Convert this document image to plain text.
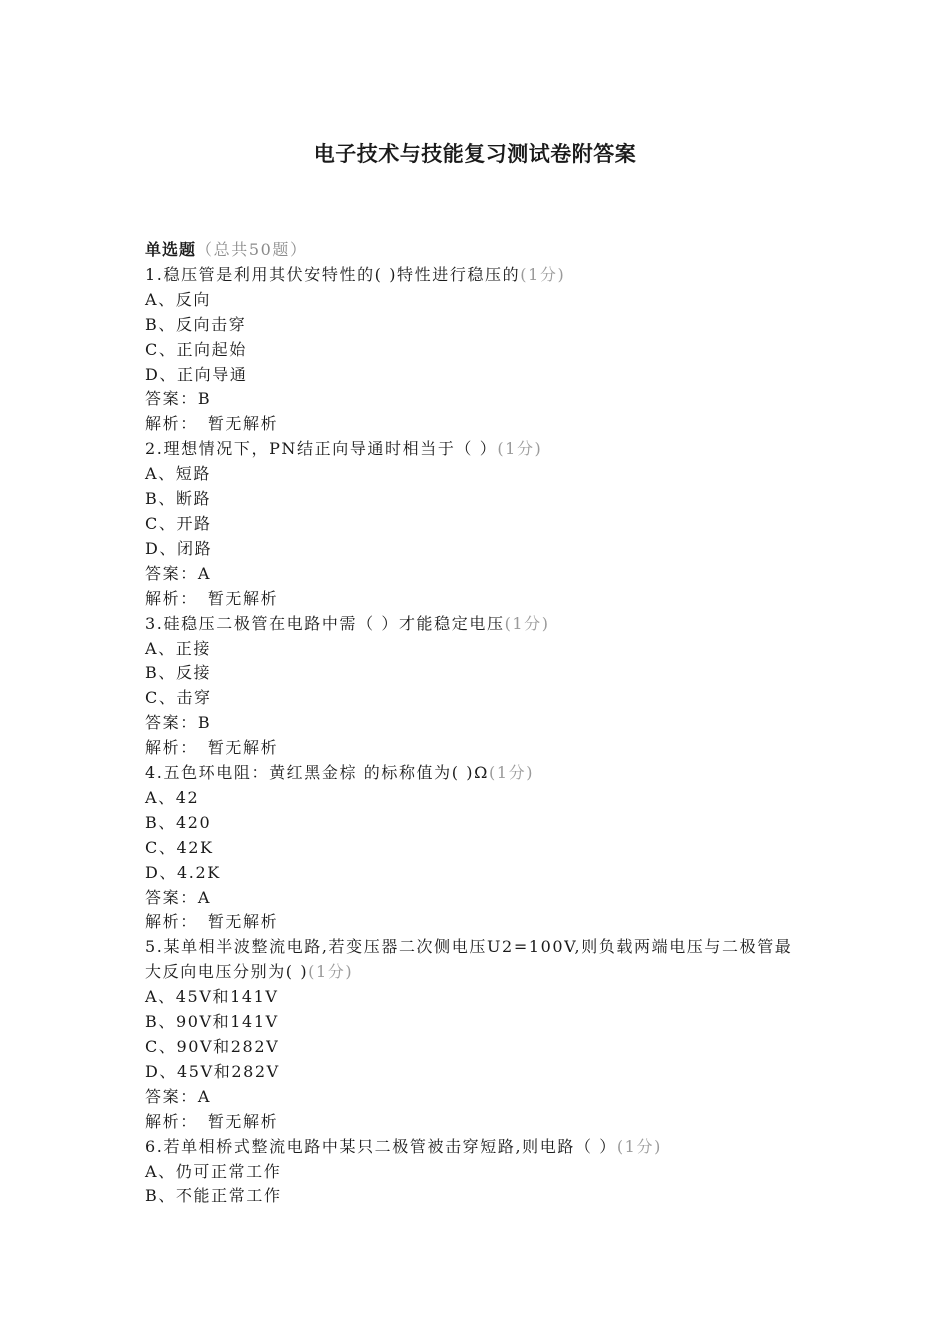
电子技术与技能复习测试卷附答案
单选题（总共50题）
1.稳压管是利用其伏安特性的( )特性进行稳压的(1分)
A、反向
B、反向击穿
C、正向起始
D、正向导通
答案：B
解析： 暂无解析
2.理想情况下，PN结正向导通时相当于（ ）(1分)
A、短路
B、断路
C、开路
D、闭路
答案：A
解析： 暂无解析
3.硅稳压二极管在电路中需（ ）才能稳定电压(1分)
A、正接
B、反接
C、击穿
答案：B
解析： 暂无解析
4.五色环电阻：黄红黑金棕 的标称值为( )Ω(1分)
A、42
B、420
C、42K
D、4.2K
答案：A
解析： 暂无解析
5.某单相半波整流电路,若变压器二次侧电压U2=100V,则负载两端电压与二极管最大反向电压分别为( )(1分)
A、45V和141V
B、90V和141V
C、90V和282V
D、45V和282V
答案：A
解析： 暂无解析
6.若单相桥式整流电路中某只二极管被击穿短路,则电路（ ）(1分)
A、仍可正常工作
B、不能正常工作
